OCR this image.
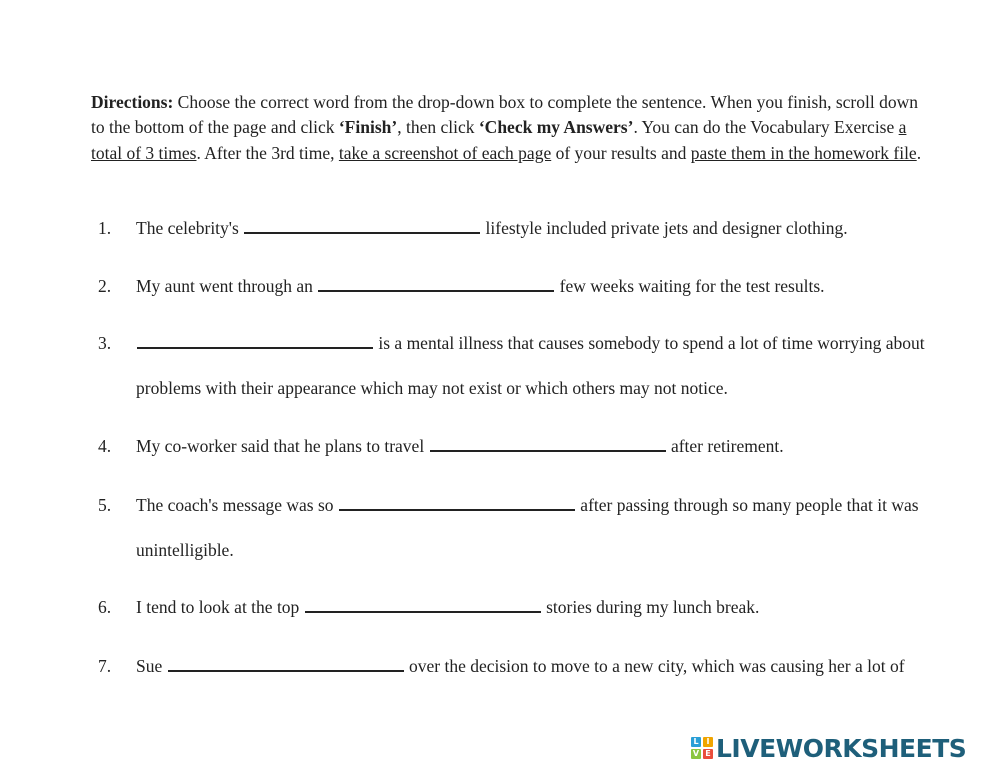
Directions: Choose the correct word from the drop-down box to complete the sentence. When you finish, scroll down to the bottom of the page and click ‘Finish’, then click ‘Check my Answers’. You can do the Vocabulary Exercise a total of 3 times. After the 3rd time, take a screenshot of each page of your results and paste them in the homework file.
1. The celebrity's	lifestyle included private jets and designer clothing.
2. My aunt went through an	few weeks waiting for the test results.
3.	is a mental illness that causes somebody to spend a lot of time worrying about problems with their appearance which may not exist or which others may not notice.
4. My co-worker said that he plans to travel	after retirement.
5. The coach's message was so	after passing through so many people that it was unintelligible.
6. I tend to look at the top	stories during my lunch break.
7. Sue	over the decision to move to a new city, which was causing her a lot of
L I
V E LIVEWORKSHEETS
